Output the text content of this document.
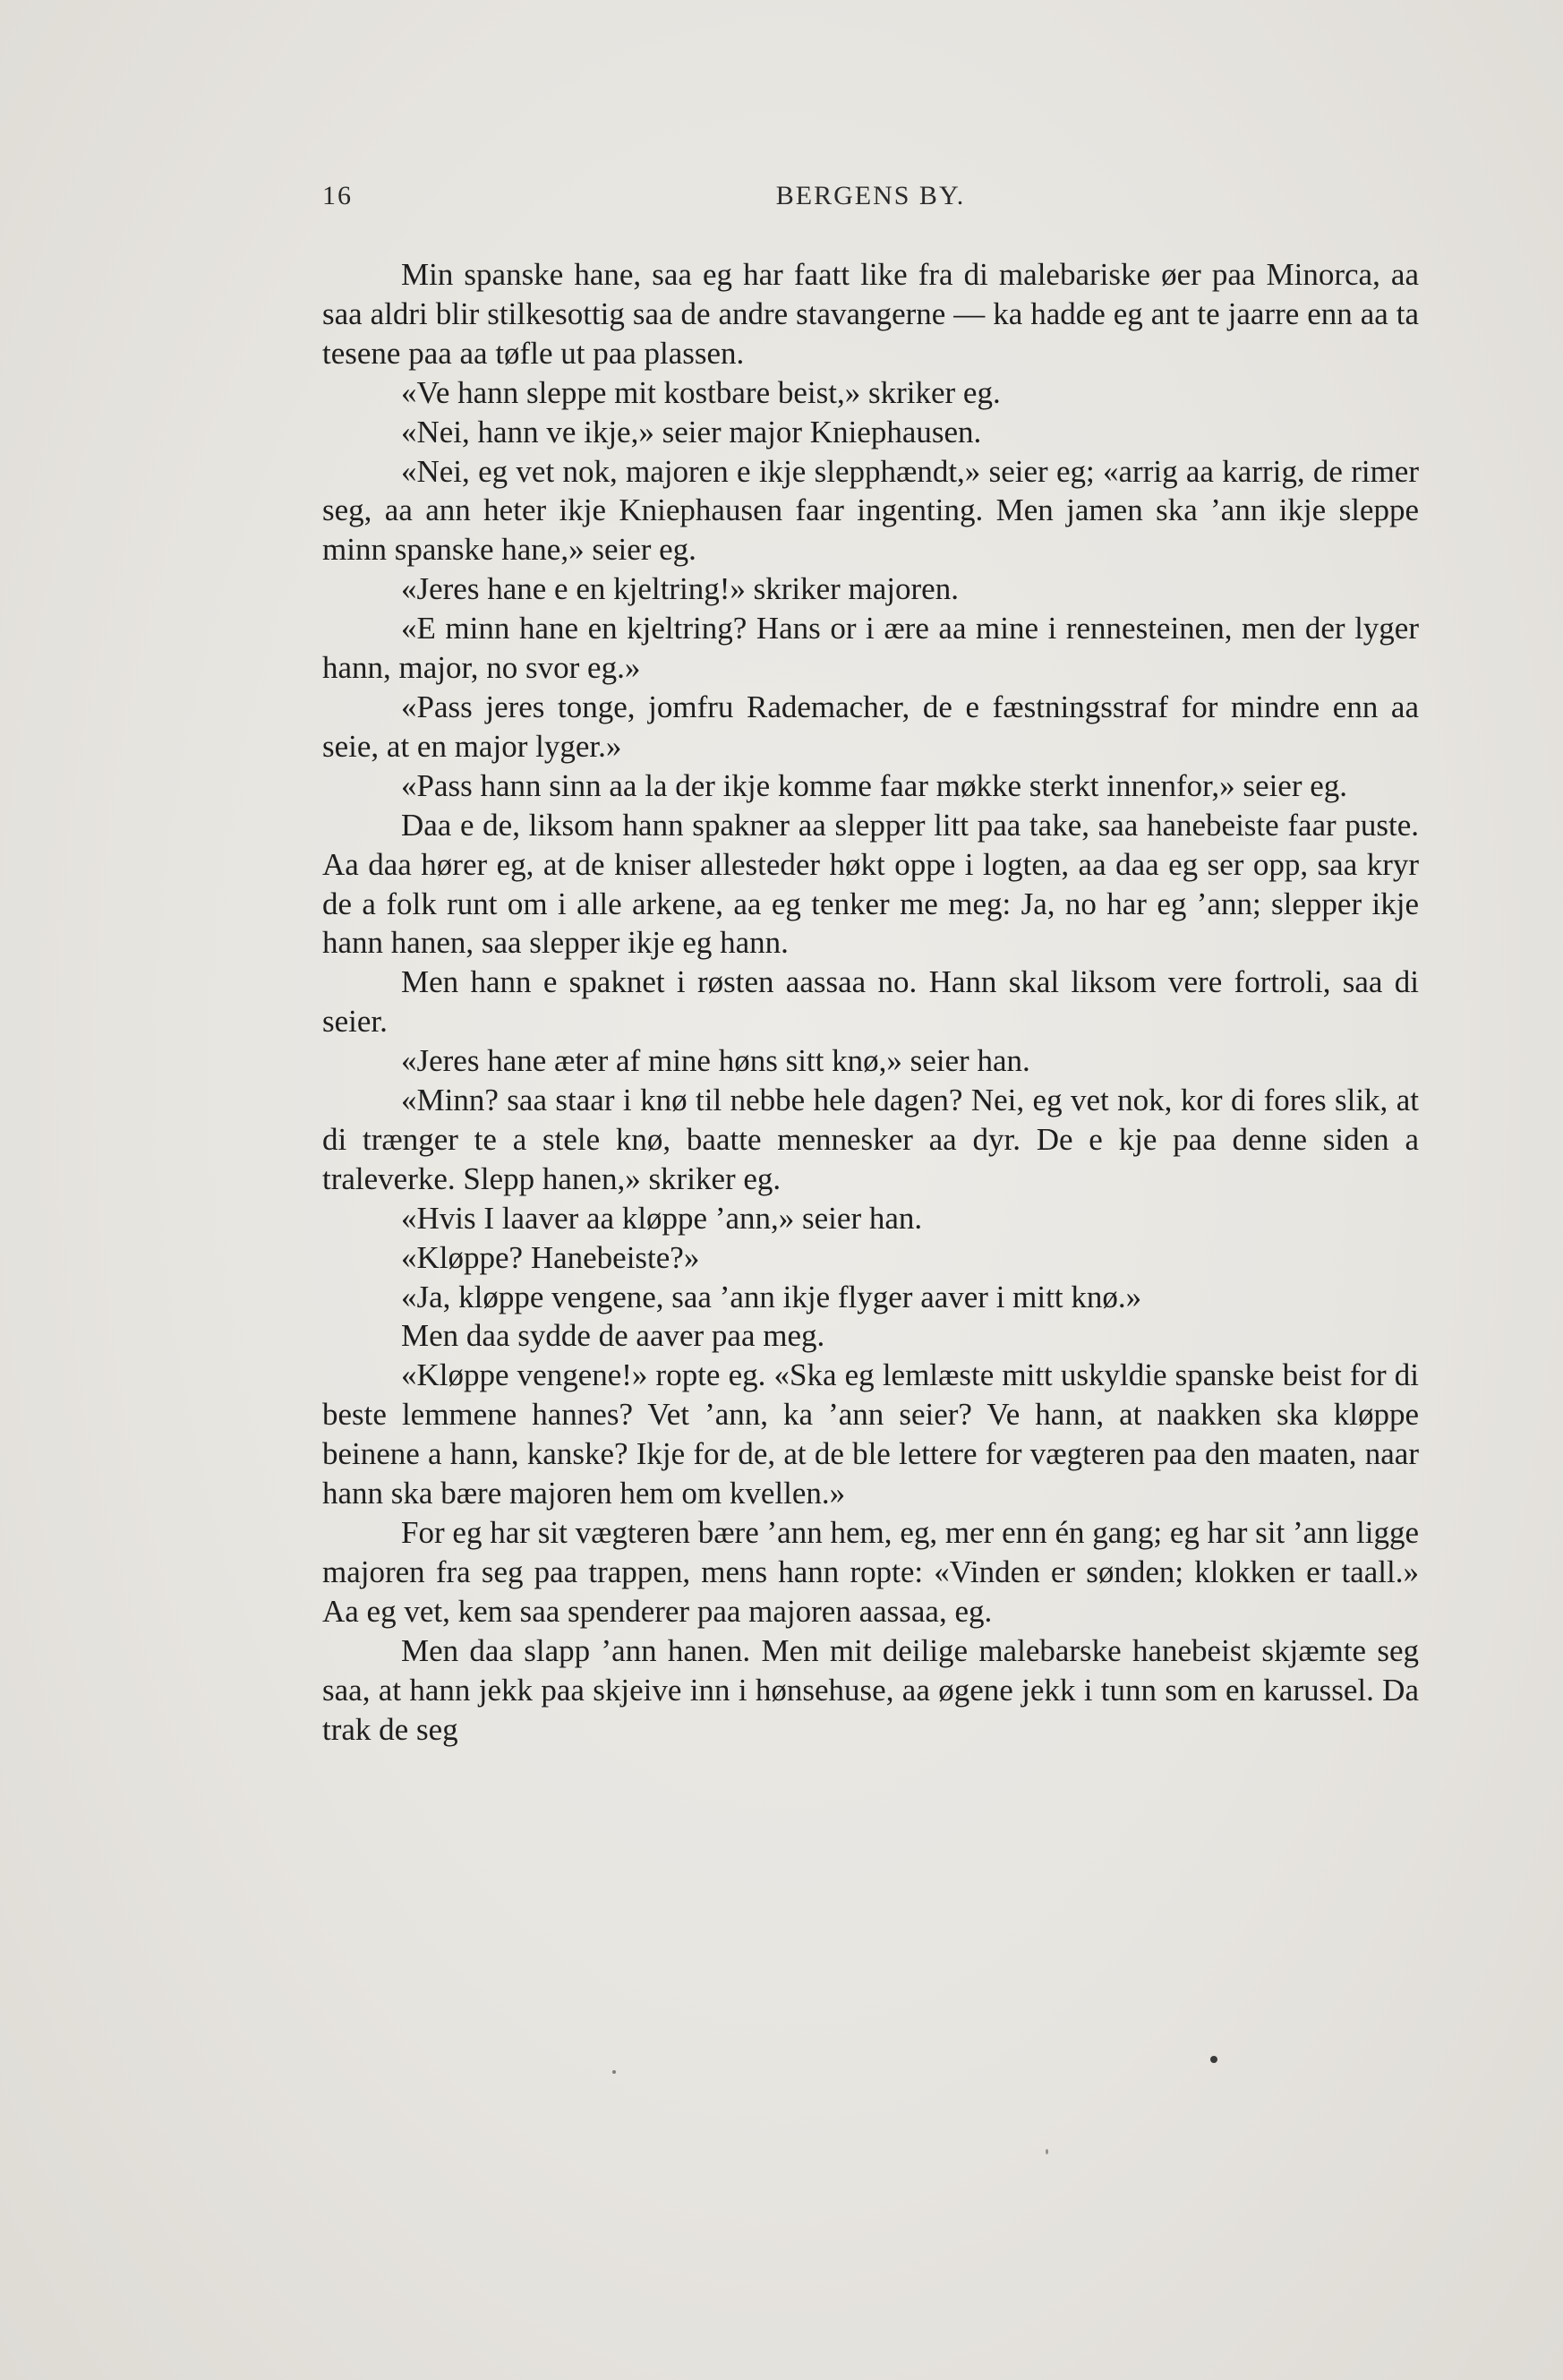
16	BERGENS BY.

Min spanske hane, saa eg har faatt like fra di malebariske øer paa Minorca, aa saa aldri blir stilkesottig saa de andre stavangerne — ka hadde eg ant te jaarre enn aa ta tesene paa aa tøfle ut paa plassen.

«Ve hann sleppe mit kostbare beist,» skriker eg.

«Nei, hann ve ikje,» seier major Kniephausen.

«Nei, eg vet nok, majoren e ikje slepphændt,» seier eg; «arrig aa karrig, de rimer seg, aa ann heter ikje Kniephausen faar ingenting. Men jamen ska ’ann ikje sleppe minn spanske hane,» seier eg.

«Jeres hane e en kjeltring!» skriker majoren.

«E minn hane en kjeltring? Hans or i ære aa mine i rennesteinen, men der lyger hann, major, no svor eg.»

«Pass jeres tonge, jomfru Rademacher, de e fæstningsstraf for mindre enn aa seie, at en major lyger.»

«Pass hann sinn aa la der ikje komme faar møkke sterkt innenfor,» seier eg.

Daa e de, liksom hann spakner aa slepper litt paa take, saa hanebeiste faar puste. Aa daa hører eg, at de kniser allesteder høkt oppe i logten, aa daa eg ser opp, saa kryr de a folk runt om i alle arkene, aa eg tenker me meg: Ja, no har eg ’ann; slepper ikje hann hanen, saa slepper ikje eg hann.

Men hann e spaknet i røsten aassaa no. Hann skal liksom vere fortroli, saa di seier.

«Jeres hane æter af mine høns sitt knø,» seier han.

«Minn? saa staar i knø til nebbe hele dagen? Nei, eg vet nok, kor di fores slik, at di trænger te a stele knø, baatte mennesker aa dyr. De e kje paa denne siden a traleverke. Slepp hanen,» skriker eg.

«Hvis I laaver aa kløppe ’ann,» seier han.

«Kløppe? Hanebeiste?»

«Ja, kløppe vengene, saa ’ann ikje flyger aaver i mitt knø.»

Men daa sydde de aaver paa meg.

«Kløppe vengene!» ropte eg. «Ska eg lemlæste mitt uskyldie spanske beist for di beste lemmene hannes? Vet ’ann, ka ’ann seier? Ve hann, at naakken ska kløppe beinene a hann, kanske? Ikje for de, at de ble lettere for vægteren paa den maaten, naar hann ska bære majoren hem om kvellen.»

For eg har sit vægteren bære ’ann hem, eg, mer enn én gang; eg har sit ’ann ligge majoren fra seg paa trappen, mens hann ropte: «Vinden er sønden; klokken er taall.» Aa eg vet, kem saa spenderer paa majoren aassaa, eg.

Men daa slapp ’ann hanen. Men mit deilige malebarske hanebeist skjæmte seg saa, at hann jekk paa skjeive inn i hønsehuse, aa øgene jekk i tunn som en karussel. Da trak de seg
